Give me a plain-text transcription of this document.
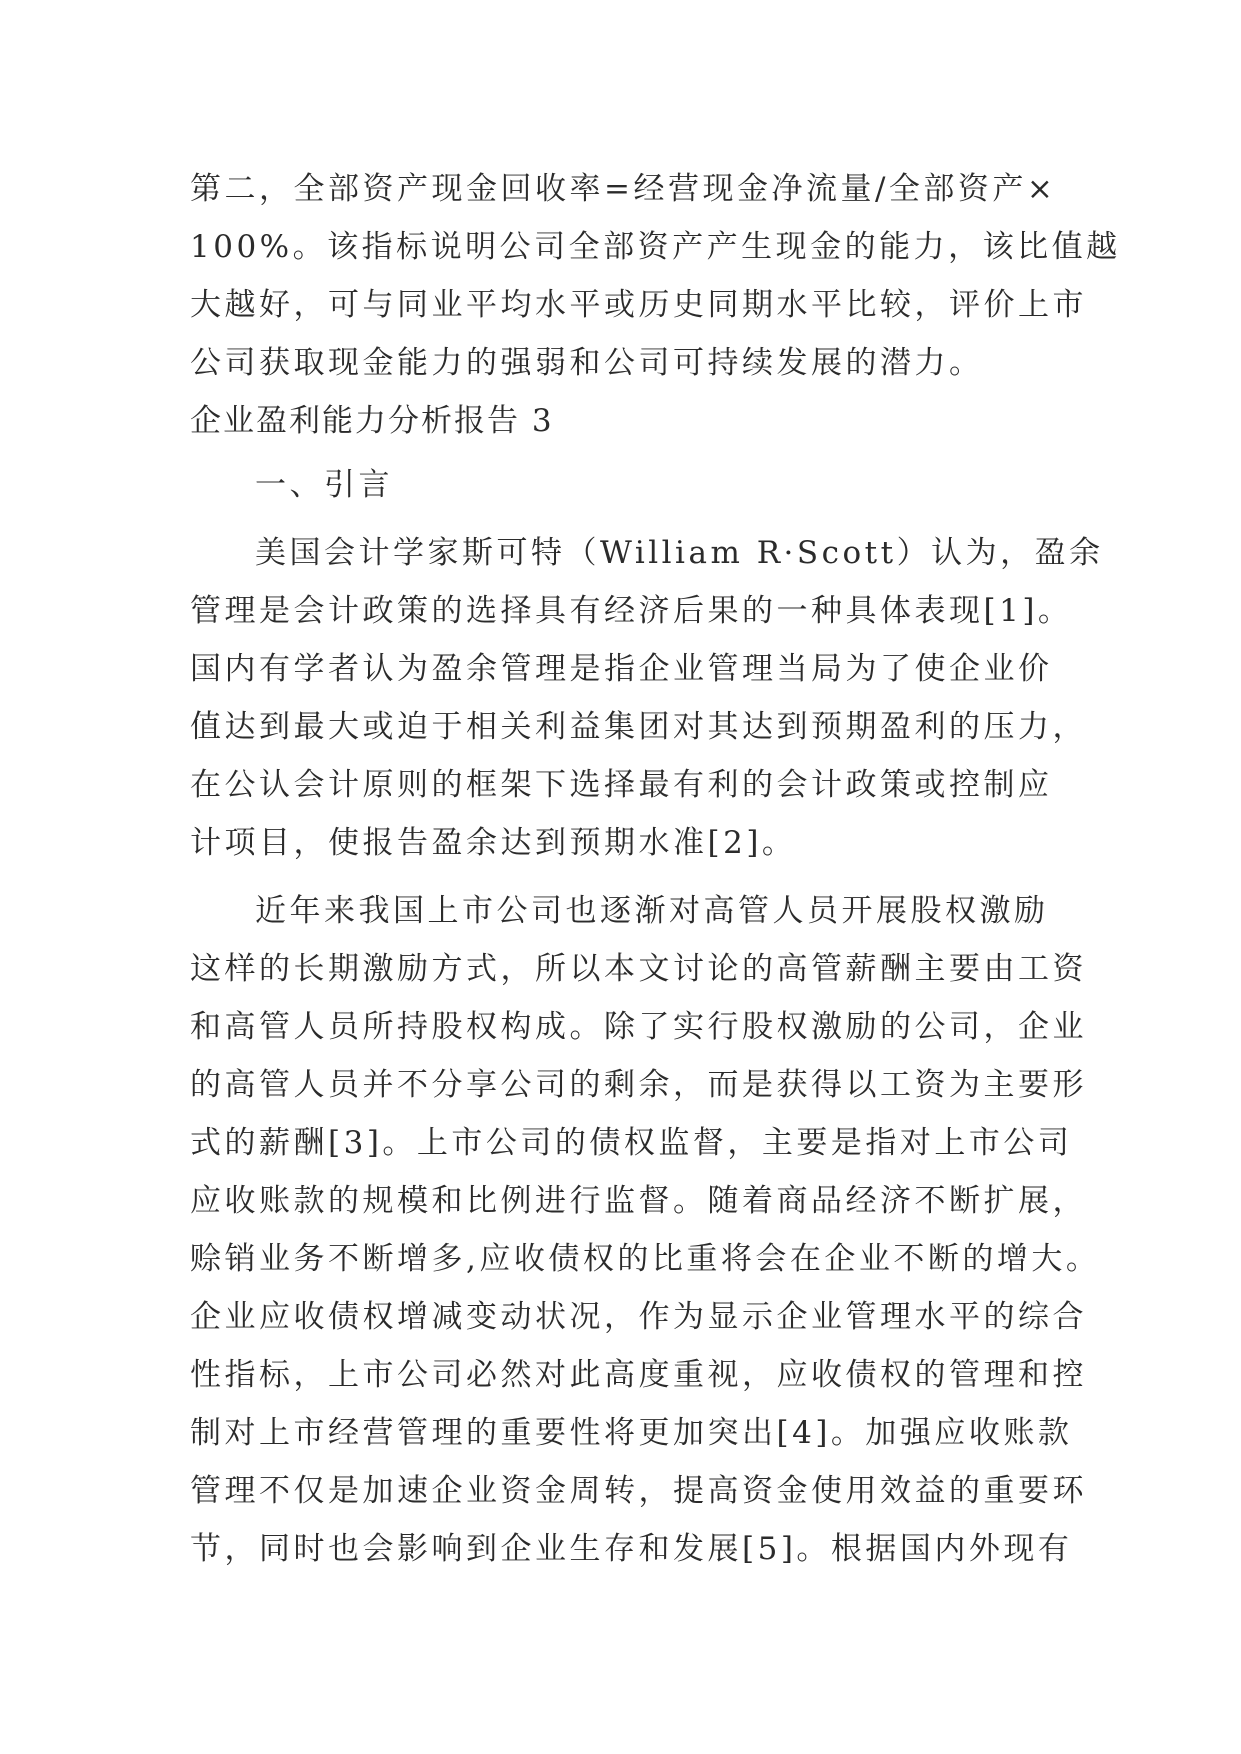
第二，全部资产现金回收率=经营现金净流量/全部资产×
100%。该指标说明公司全部资产产生现金的能力，该比值越
大越好，可与同业平均水平或历史同期水平比较，评价上市
公司获取现金能力的强弱和公司可持续发展的潜力。
企业盈利能力分析报告 3
一、引言
美国会计学家斯可特（William R·Scott）认为，盈余
管理是会计政策的选择具有经济后果的一种具体表现[1]。
国内有学者认为盈余管理是指企业管理当局为了使企业价
值达到最大或迫于相关利益集团对其达到预期盈利的压力，
在公认会计原则的框架下选择最有利的会计政策或控制应
计项目，使报告盈余达到预期水准[2]。
近年来我国上市公司也逐渐对高管人员开展股权激励
这样的长期激励方式，所以本文讨论的高管薪酬主要由工资
和高管人员所持股权构成。除了实行股权激励的公司，企业
的高管人员并不分享公司的剩余，而是获得以工资为主要形
式的薪酬[3]。上市公司的债权监督，主要是指对上市公司
应收账款的规模和比例进行监督。随着商品经济不断扩展，
赊销业务不断增多,应收债权的比重将会在企业不断的增大。
企业应收债权增减变动状况，作为显示企业管理水平的综合
性指标，上市公司必然对此高度重视，应收债权的管理和控
制对上市经营管理的重要性将更加突出[4]。加强应收账款
管理不仅是加速企业资金周转，提高资金使用效益的重要环
节，同时也会影响到企业生存和发展[5]。根据国内外现有
